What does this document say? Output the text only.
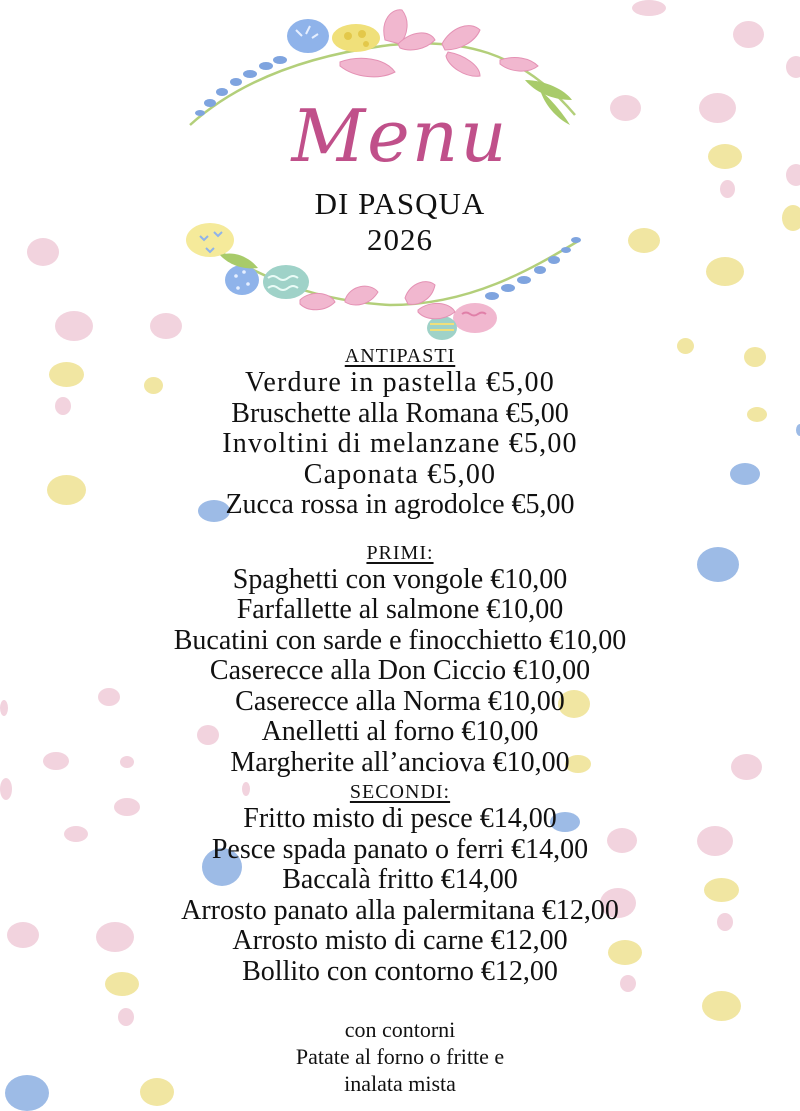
Menu
DI PASQUA
2026
ANTIPASTI
Verdure in pastella €5,00
Bruschette alla Romana €5,00
Involtini di melanzane €5,00
Caponata €5,00
Zucca rossa in agrodolce €5,00
PRIMI:
Spaghetti con vongole €10,00
Farfallette al salmone €10,00
Bucatini con sarde e finocchietto €10,00
Caserecce alla Don Ciccio €10,00
Caserecce alla Norma €10,00
Anelletti al forno €10,00
Margherite all’anciova €10,00
SECONDI:
Fritto misto di pesce €14,00
Pesce spada panato o ferri €14,00
Baccalà fritto €14,00
Arrosto panato alla palermitana €12,00
Arrosto misto di carne €12,00
Bollito con contorno €12,00
con contorni
Patate al forno o fritte e
inalata mista
